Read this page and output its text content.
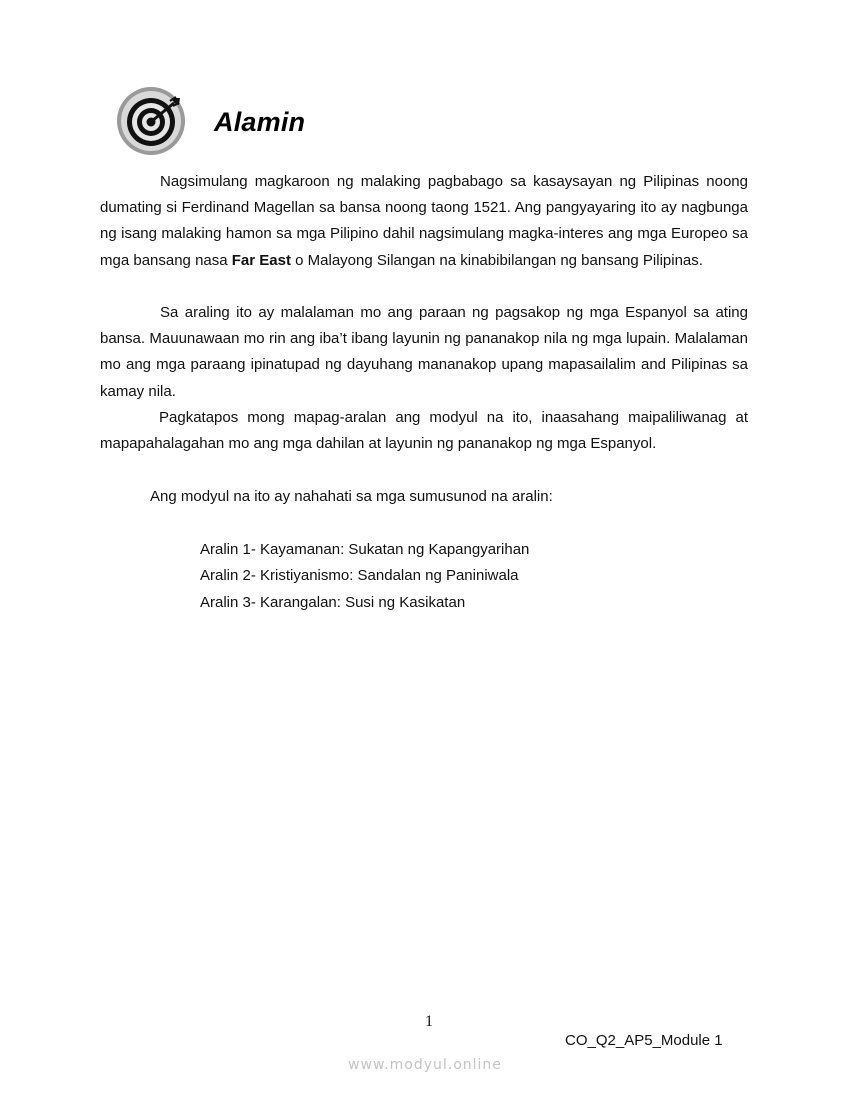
Alamin

Nagsimulang magkaroon ng malaking pagbabago sa kasaysayan ng Pilipinas noong dumating si Ferdinand Magellan sa bansa noong taong 1521. Ang pangyayaring ito ay nagbunga ng isang malaking hamon sa mga Pilipino dahil nagsimulang magka-interes ang mga Europeo sa mga bansang nasa Far East o Malayong Silangan na kinabibilangan ng bansang Pilipinas.

Sa araling ito ay malalaman mo ang paraan ng pagsakop ng mga Espanyol sa ating bansa. Mauunawaan mo rin ang iba’t ibang layunin ng pananakop nila ng mga lupain. Malalaman mo ang mga paraang ipinatupad ng dayuhang mananakop upang mapasailalim and Pilipinas sa kamay nila.

Pagkatapos mong mapag-aralan ang modyul na ito, inaasahang maipaliliwanag at mapapahalagahan mo ang mga dahilan at layunin ng pananakop ng mga Espanyol.

Ang modyul na ito ay nahahati sa mga sumusunod na aralin:
Aralin 1- Kayamanan: Sukatan ng Kapangyarihan
Aralin 2- Kristiyanismo: Sandalan ng Paniniwala
Aralin 3- Karangalan: Susi ng Kasikatan
1
CO_Q2_AP5_Module 1
www.modyul.online
